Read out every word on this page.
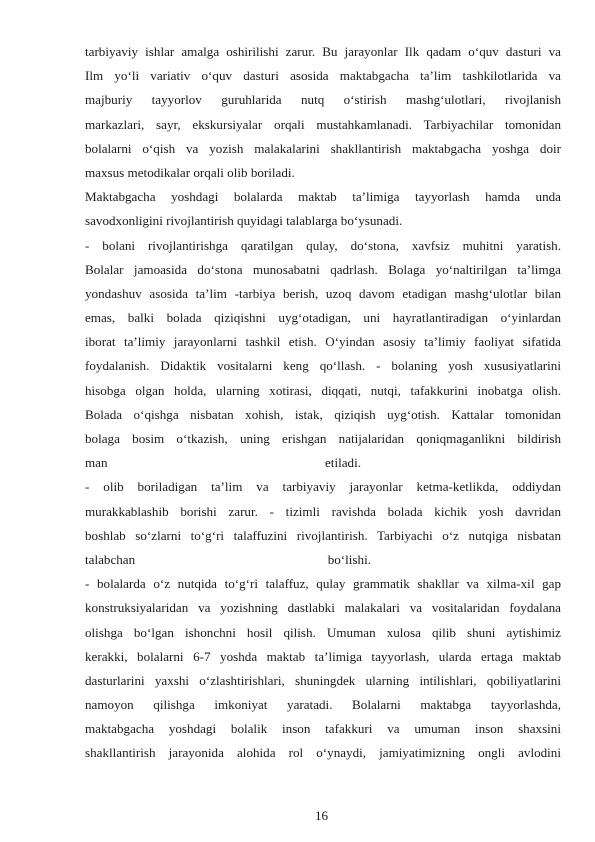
tarbiyaviy ishlar amalga oshirilishi zarur. Bu jarayonlar Ilk qadam o‘quv dasturi va
Ilm yo‘li variativ o‘quv dasturi asosida maktabgacha ta’lim tashkilotlarida va
majburiy tayyorlov guruhlarida nutq o‘stirish mashg‘ulotlari, rivojlanish
markazlari, sayr, ekskursiyalar orqali mustahkamlanadi. Tarbiyachilar tomonidan
bolalarni o‘qish va yozish malakalarini shakllantirish maktabgacha yoshga doir
maxsus metodikalar orqali olib boriladi.
Maktabgacha yoshdagi bolalarda maktab ta’limiga tayyorlash hamda unda
savodxonligini rivojlantirish quyidagi talablarga bo‘ysunadi.
- bolani rivojlantirishga qaratilgan qulay, do‘stona, xavfsiz muhitni yaratish.
Bolalar jamoasida do‘stona munosabatni qadrlash. Bolaga yo‘naltirilgan ta’limga
yondashuv asosida ta’lim -tarbiya berish, uzoq davom etadigan mashg‘ulotlar bilan
emas, balki bolada qiziqishni uyg‘otadigan, uni hayratlantiradigan o‘yinlardan
iborat ta’limiy jarayonlarni tashkil etish. O‘yindan asosiy ta’limiy faoliyat sifatida
foydalanish. Didaktik vositalarni keng qo‘llash. - bolaning yosh xususiyatlarini
hisobga olgan holda, ularning xotirasi, diqqati, nutqi, tafakkurini inobatga olish.
Bolada o‘qishga nisbatan xohish, istak, qiziqish uyg‘otish. Kattalar tomonidan
bolaga bosim o‘tkazish, uning erishgan natijalaridan qoniqmaganlikni bildirish
man	etiladi.
- olib boriladigan ta’lim va tarbiyaviy jarayonlar ketma-ketlikda, oddiydan
murakkablashib borishi zarur. - tizimli ravishda bolada kichik yosh davridan
boshlab so‘zlarni to‘g‘ri talaffuzini rivojlantirish. Tarbiyachi o‘z nutqiga nisbatan
talabchan	bo‘lishi.
- bolalarda o‘z nutqida to‘g‘ri talaffuz, qulay grammatik shakllar va xilma-xil gap
konstruksiyalaridan va yozishning dastlabki malakalari va vositalaridan foydalana
olishga bo‘lgan ishonchni hosil qilish. Umuman xulosa qilib shuni aytishimiz
kerakki, bolalarni 6-7 yoshda maktab ta’limiga tayyorlash, ularda ertaga maktab
dasturlarini yaxshi o‘zlashtirishlari, shuningdek ularning intilishlari, qobiliyatlarini
namoyon qilishga imkoniyat yaratadi. Bolalarni maktabga tayyorlashda,
maktabgacha yoshdagi bolalik inson tafakkuri va umuman inson shaxsini
shakllantirish jarayonida alohida rol o‘ynaydi, jamiyatimizning ongli avlodini
16
